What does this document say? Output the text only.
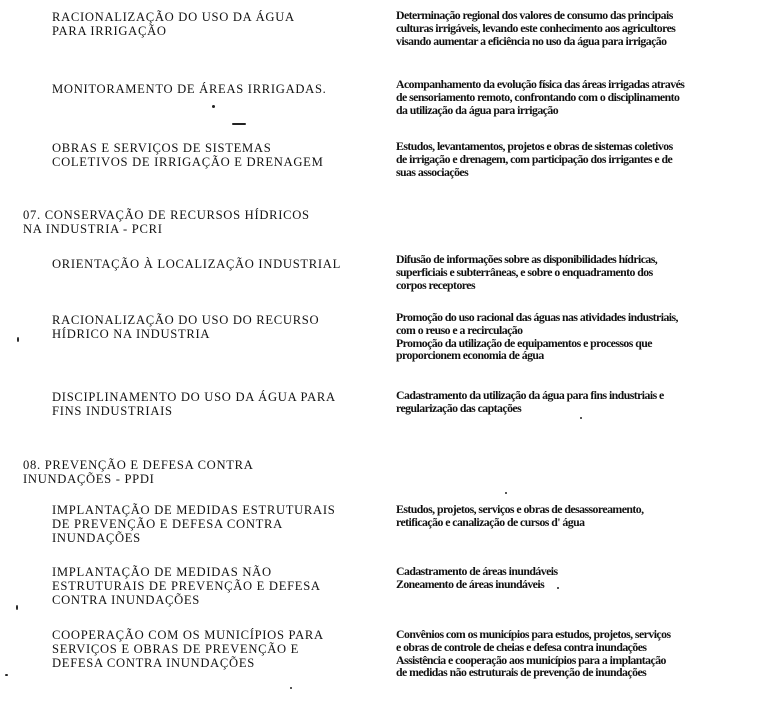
RACIONALIZAÇÃO DO USO DA ÁGUA
PARA IRRIGAÇÃO
Determinação regional dos valores de consumo das principais
culturas irrigáveis, levando este conhecimento aos agricultores
visando aumentar a eficiência no uso da água para irrigação
MONITORAMENTO DE ÁREAS IRRIGADAS.	Acompanhamento da evolução física das áreas irrigadas através
de sensoriamento remoto, confrontando com o disciplinamento
da utilização da água para irrigação
OBRAS E SERVIÇOS DE SISTEMAS
COLETIVOS DE IRRIGAÇÃO E DRENAGEM
Estudos, levantamentos, projetos e obras de sistemas coletivos
de irrigação e drenagem, com participação dos irrigantes e de
suas associações
07. CONSERVAÇÃO DE RECURSOS HÍDRICOS
NA INDUSTRIA - PCRI
ORIENTAÇÃO À LOCALIZAÇÃO INDUSTRIAL	Difusão de informações sobre as disponibilidades hídricas,
superficiais e subterrâneas, e sobre o enquadramento dos
corpos receptores
RACIONALIZAÇÃO DO USO DO RECURSO
HÍDRICO NA INDUSTRIA
Promoção do uso racional das águas nas atividades industriais,
com o reuso e a recirculação
Promoção da utilização de equipamentos e processos que
proporcionem economia de água
DISCIPLINAMENTO DO USO DA ÁGUA PARA
FINS INDUSTRIAIS
Cadastramento da utilização da água para fins industriais e
regularização das captações
08. PREVENÇÃO E DEFESA CONTRA
INUNDAÇÕES - PPDI
IMPLANTAÇÃO DE MEDIDAS ESTRUTURAIS
DE PREVENÇÃO E DEFESA CONTRA
INUNDAÇÕES
Estudos, projetos, serviços e obras de desassoreamento,
retificação e canalização de cursos d' água
IMPLANTAÇÃO DE MEDIDAS NÃO
ESTRUTURAIS DE PREVENÇÃO E DEFESA
CONTRA INUNDAÇÕES
Cadastramento de áreas inundáveis
Zoneamento de áreas inundáveis
COOPERAÇÃO COM OS MUNICÍPIOS PARA
SERVIÇOS E OBRAS DE PREVENÇÃO E
DEFESA CONTRA INUNDAÇÕES
Convênios com os municípios para estudos, projetos, serviços
e obras de controle de cheias e defesa contra inundações
Assistência e cooperação aos municípios para a implantação
de medidas não estruturais de prevenção de inundações
